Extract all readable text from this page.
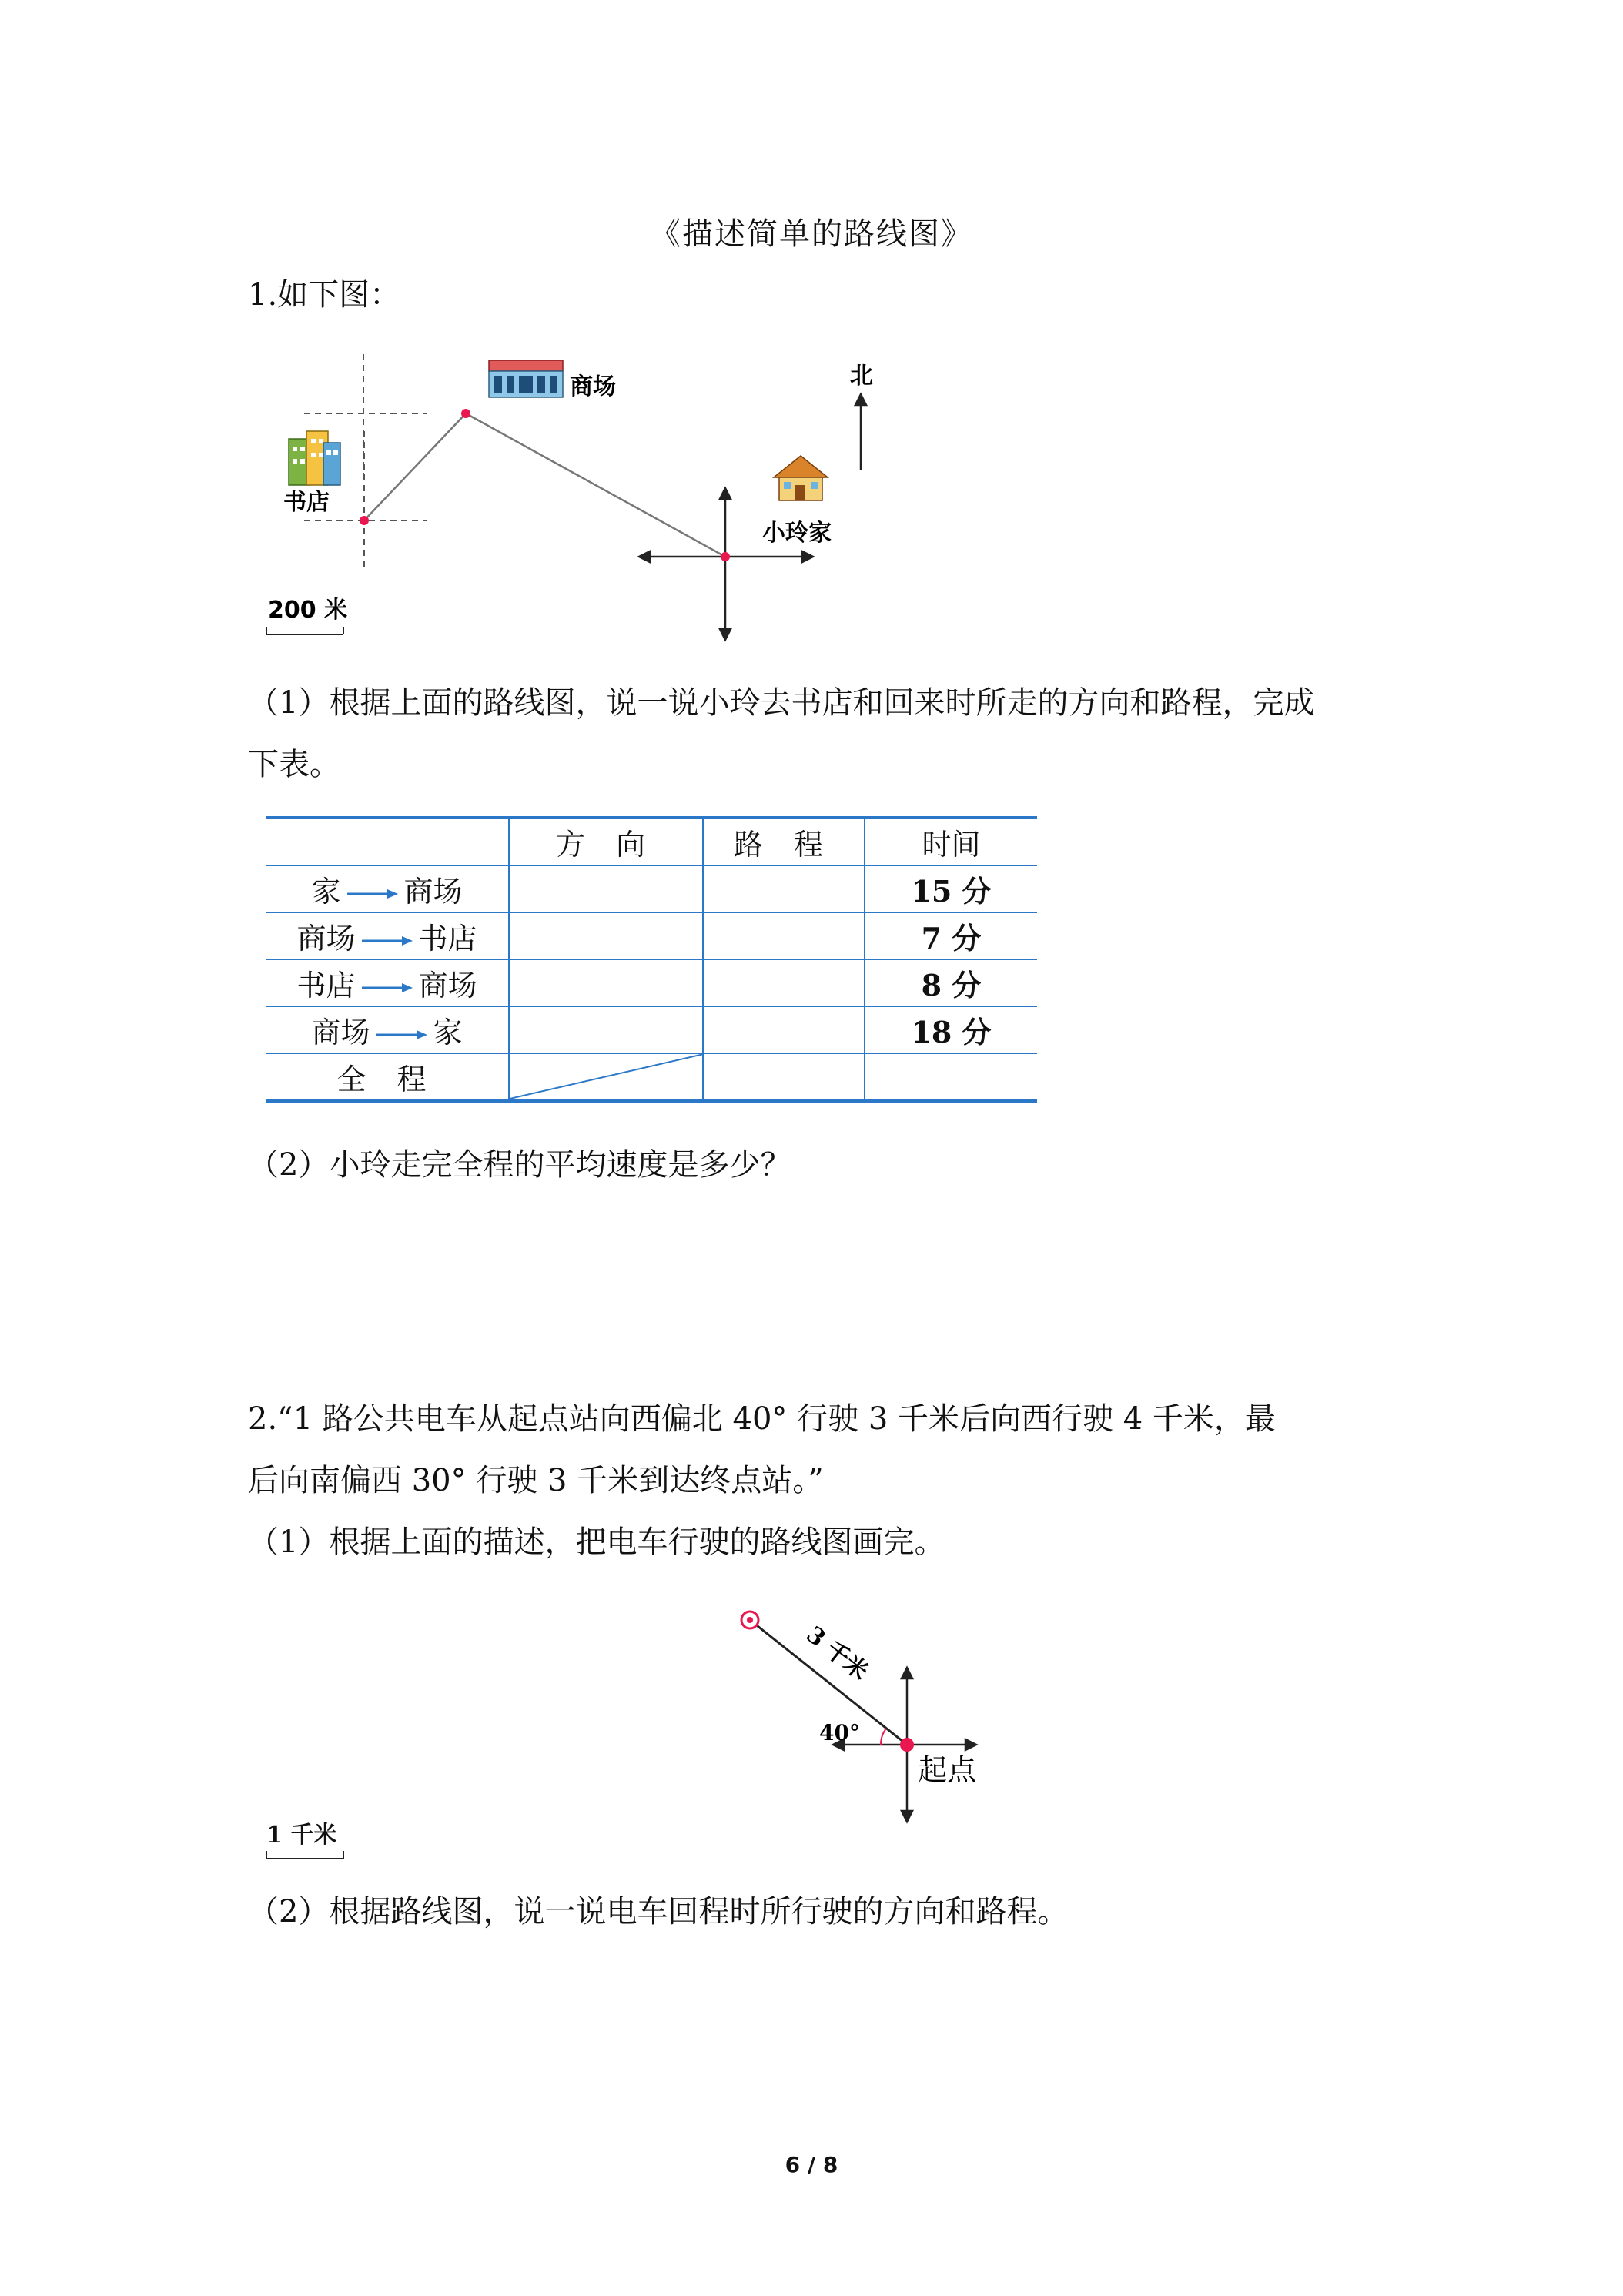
《描述简单的路线图》
1.如下图：
书店
商场
小玲家
北
200 米
（1）根据上面的路线图，说一说小玲去书店和回来时所走的方向和路程，完成
下表。
	方 向	路 程	时间
家 商场			15 分
商场 书店			7 分
书店 商场			8 分
商场 家			18 分
全 程	

（2）小玲走完全程的平均速度是多少？
2.“1 路公共电车从起点站向西偏北 40° 行驶 3 千米后向西行驶 4 千米，最
后向南偏西 30° 行驶 3 千米到达终点站。”
（1）根据上面的描述，把电车行驶的路线图画完。
3 千米
40°
起点
1 千米
（2）根据路线图，说一说电车回程时所行驶的方向和路程。
6 / 8
